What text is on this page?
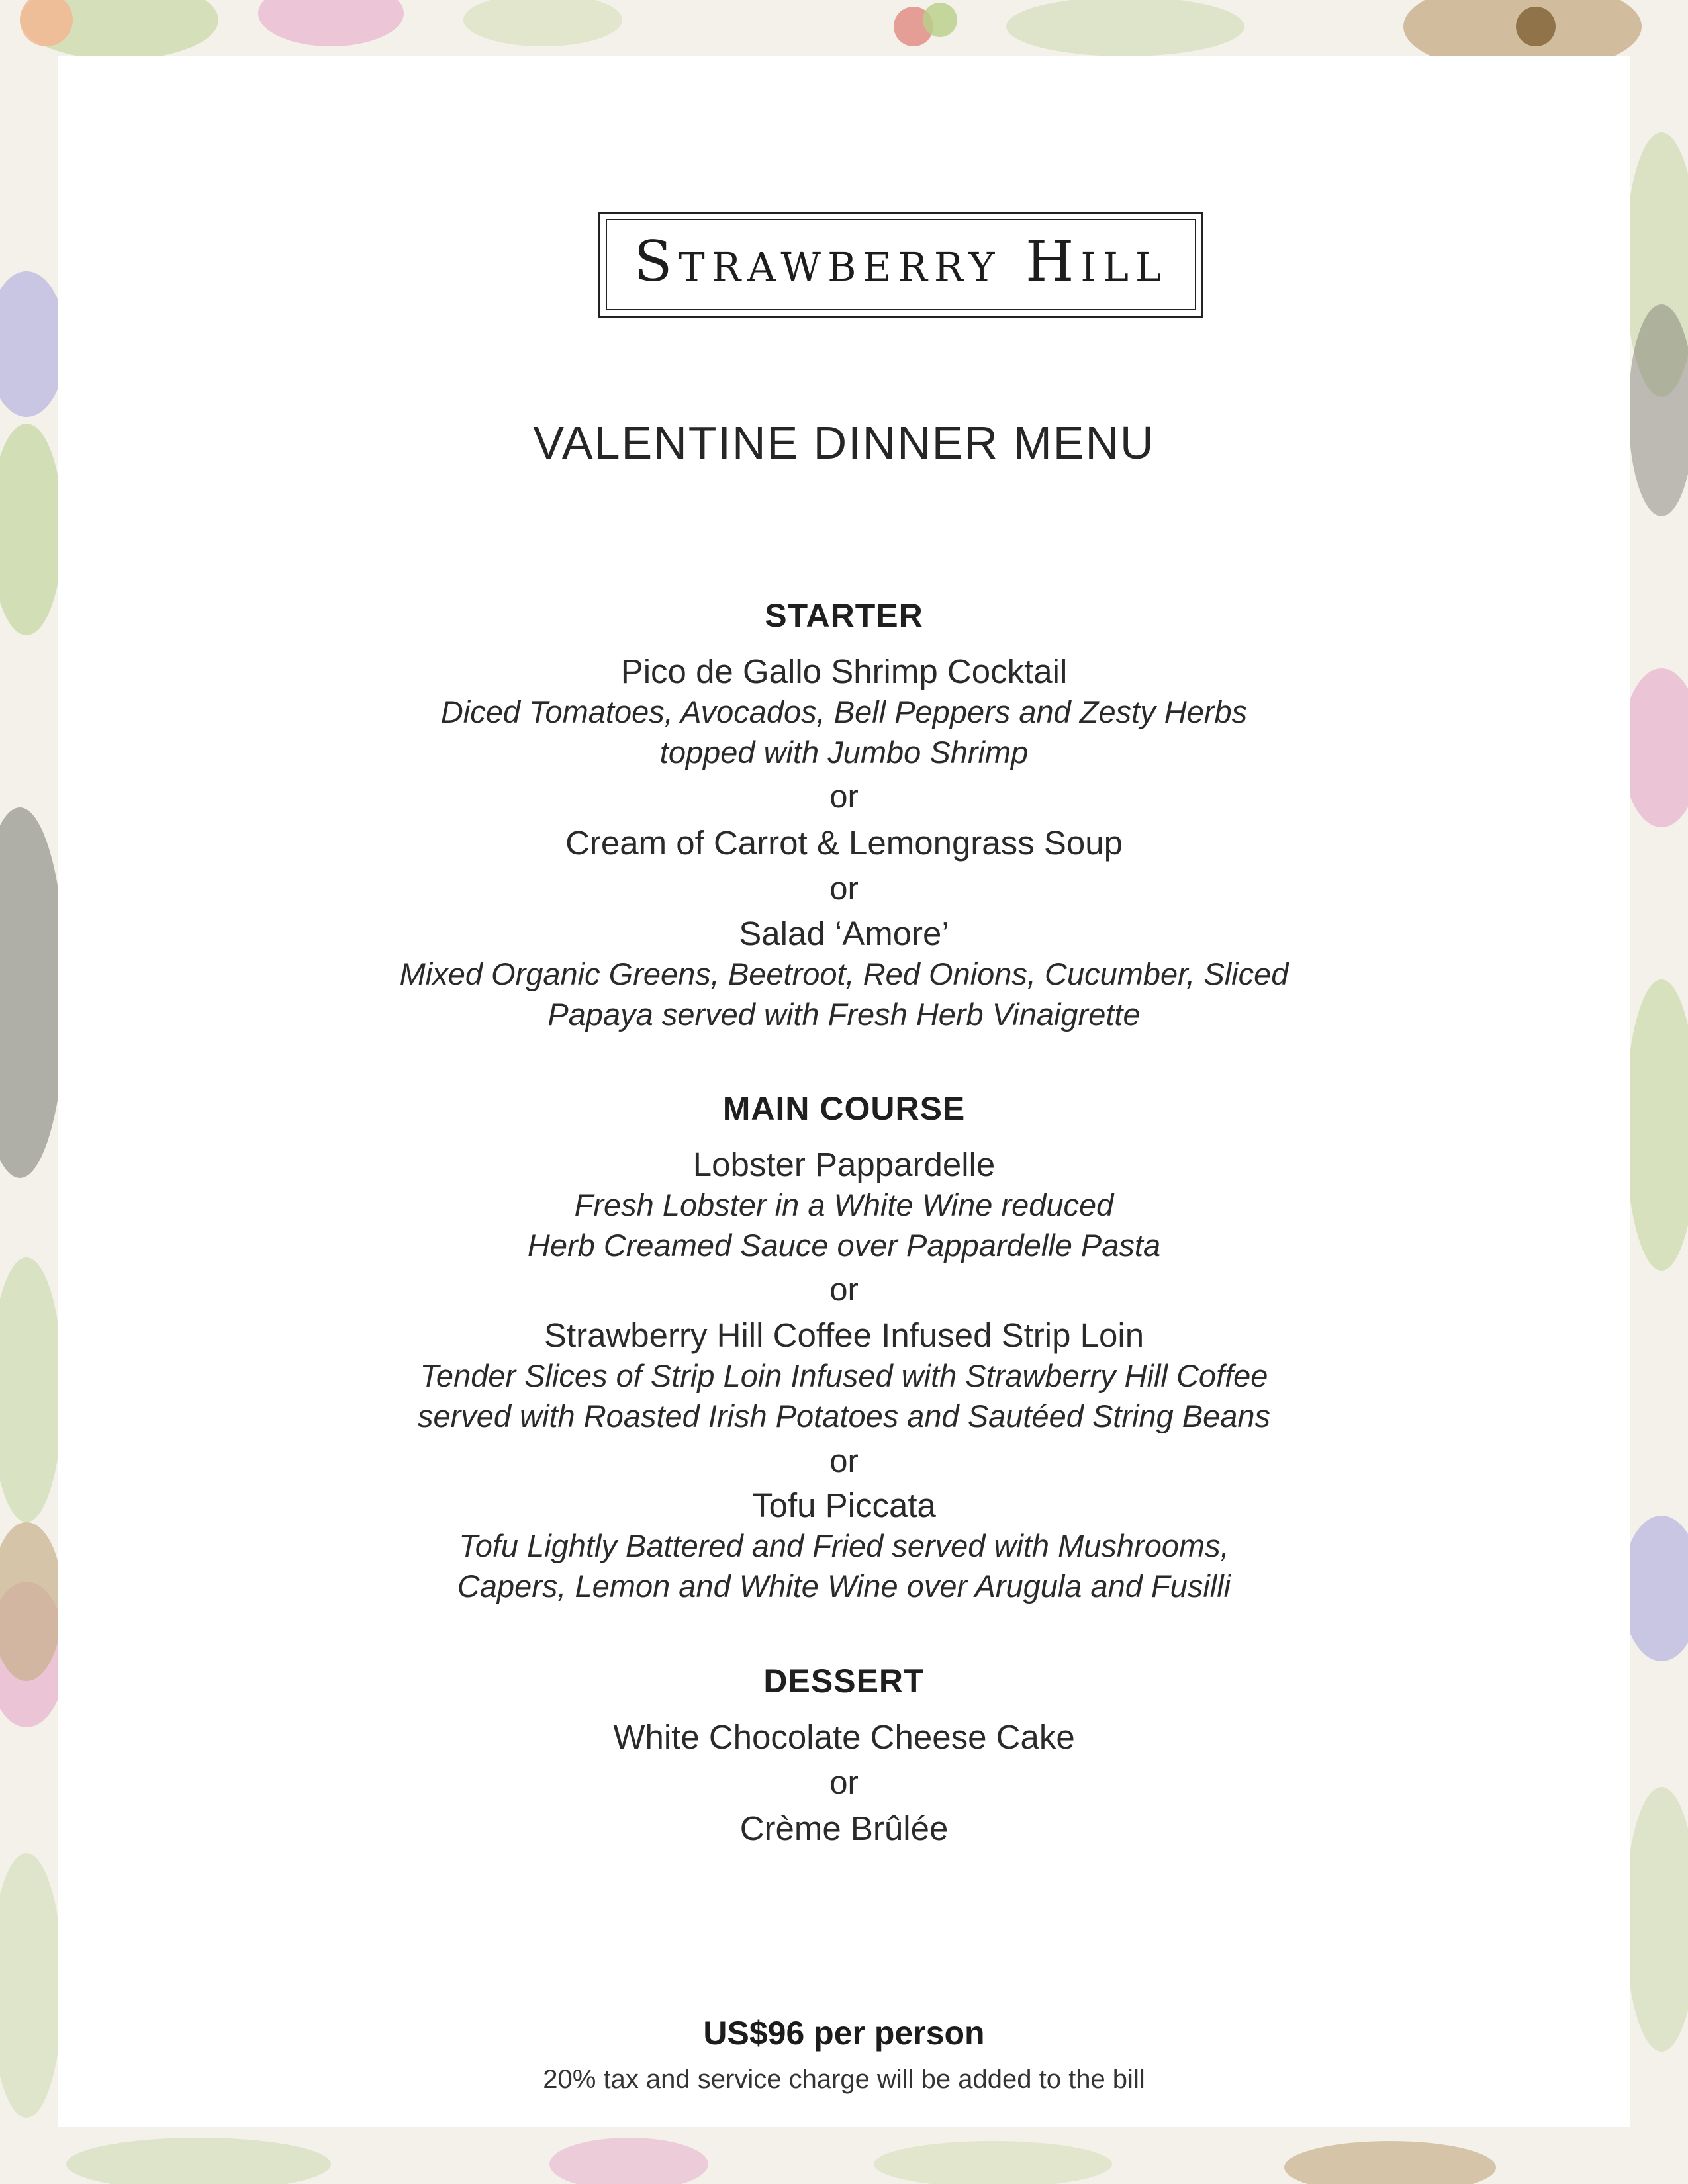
Strawberry Hill
VALENTINE DINNER MENU
STARTER
Pico de Gallo Shrimp Cocktail
Diced Tomatoes, Avocados, Bell Peppers and Zesty Herbs
topped with Jumbo Shrimp
or
Cream of Carrot & Lemongrass Soup
or
Salad ‘Amore’
Mixed Organic Greens, Beetroot, Red Onions, Cucumber, Sliced
Papaya served with Fresh Herb Vinaigrette
MAIN COURSE
Lobster Pappardelle
Fresh Lobster in a White Wine reduced
Herb Creamed Sauce over Pappardelle Pasta
or
Strawberry Hill Coffee Infused Strip Loin
Tender Slices of Strip Loin Infused with Strawberry Hill Coffee
served with Roasted Irish Potatoes and Sautéed String Beans
or
Tofu Piccata
Tofu Lightly Battered and Fried served with Mushrooms,
Capers, Lemon and White Wine over Arugula and Fusilli
DESSERT
White Chocolate Cheese Cake
or
Crème Brûlée
US$96 per person
20% tax and service charge will be added to the bill
